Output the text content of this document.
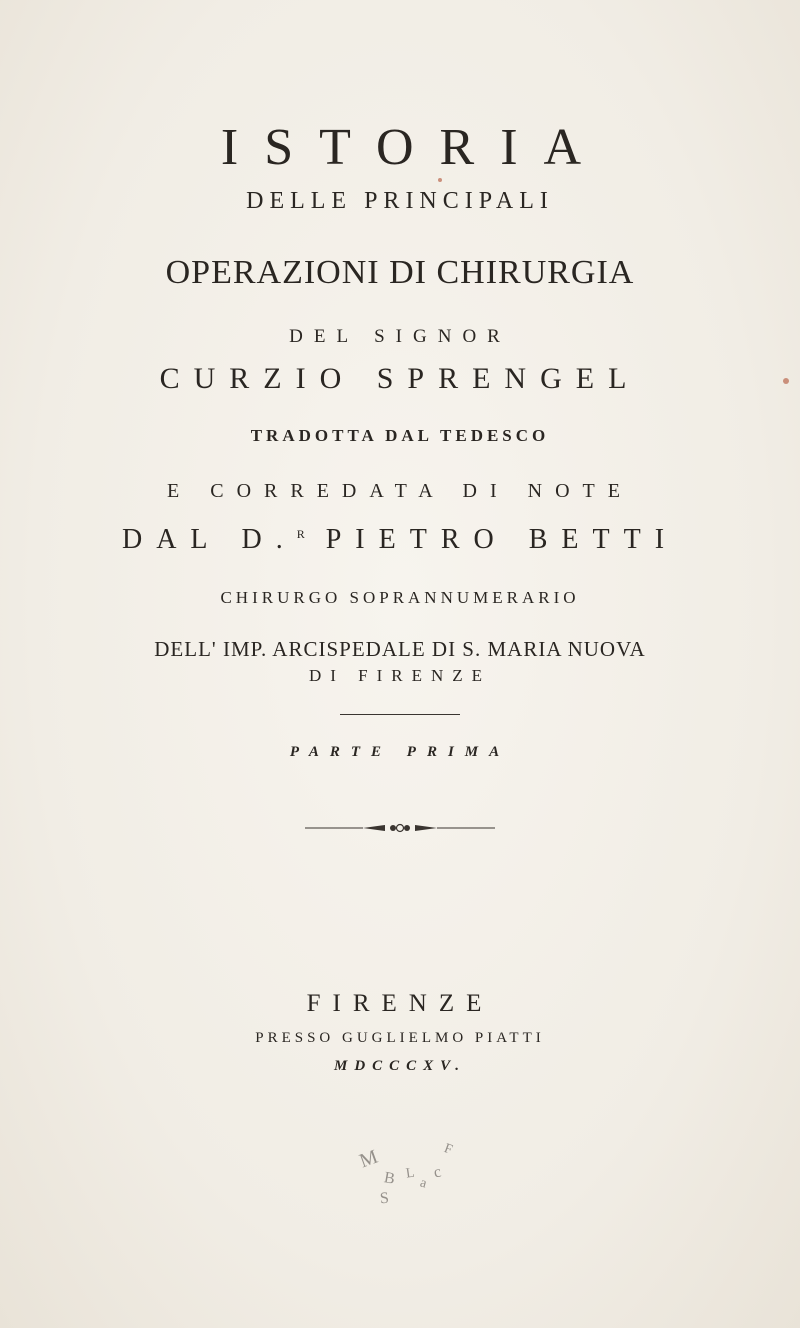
ISTORIA
DELLE PRINCIPALI
OPERAZIONI DI CHIRURGIA
DEL SIGNOR
CURZIO SPRENGEL
TRADOTTA DAL TEDESCO
E CORREDATA DI NOTE
DAL D.$^R$ PIETRO BETTI
CHIRURGO SOPRANNUMERARIO
DELL' IMP. ARCISPEDALE DI S. MARIA NUOVA
DI FIRENZE
PARTE PRIMA
FIRENZE
PRESSO GUGLIELMO PIATTI
MDCCCXV.
M
B L
a
c
F
S
